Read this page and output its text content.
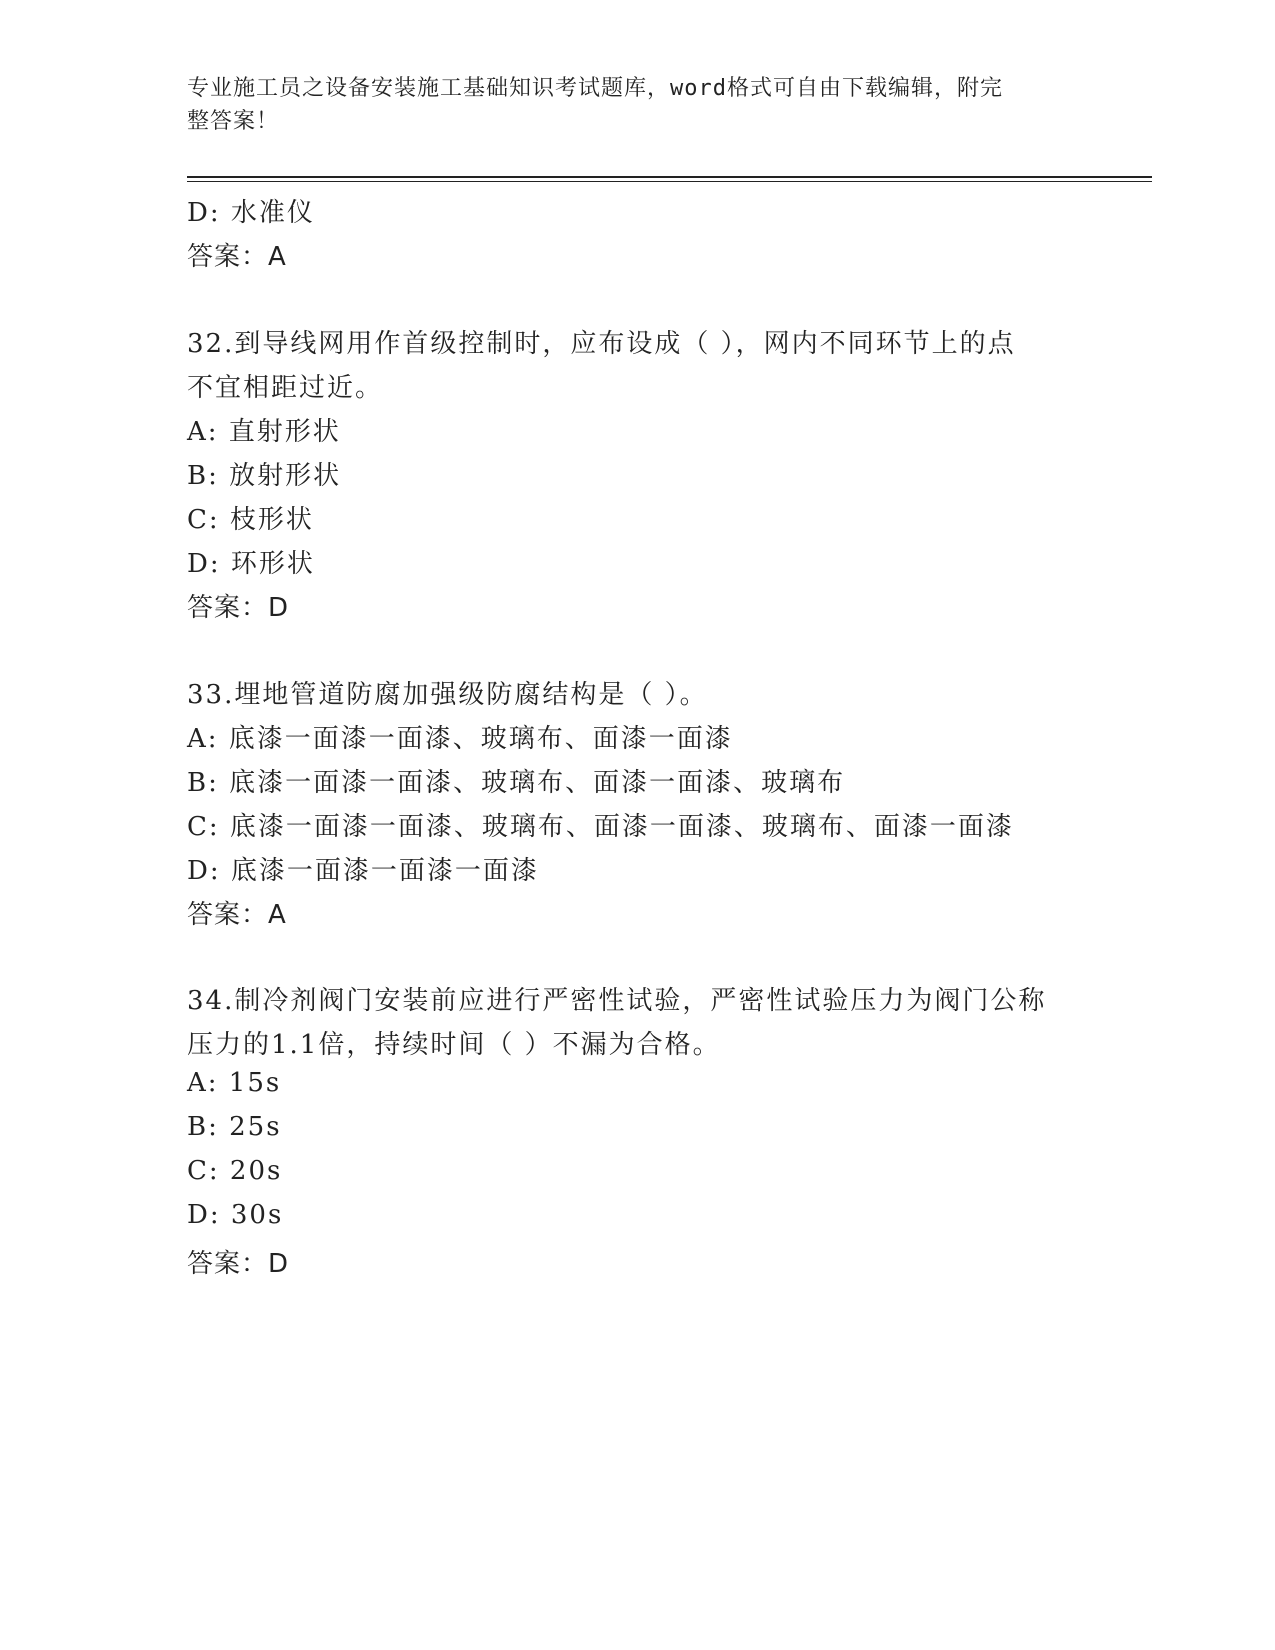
专业施工员之设备安装施工基础知识考试题库，word格式可自由下载编辑，附完
整答案！
D: 水准仪
答案：A
32.到导线网用作首级控制时，应布设成（ ），网内不同环节上的点
不宜相距过近。
A: 直射形状
B: 放射形状
C: 枝形状
D: 环形状
答案：D
33.埋地管道防腐加强级防腐结构是（ ）。
A: 底漆一面漆一面漆、玻璃布、面漆一面漆
B: 底漆一面漆一面漆、玻璃布、面漆一面漆、玻璃布
C: 底漆一面漆一面漆、玻璃布、面漆一面漆、玻璃布、面漆一面漆
D: 底漆一面漆一面漆一面漆
答案：A
34.制冷剂阀门安装前应进行严密性试验，严密性试验压力为阀门公称
压力的1.1倍，持续时间（ ）不漏为合格。
A: 15s
B: 25s
C: 20s
D: 30s
答案：D
